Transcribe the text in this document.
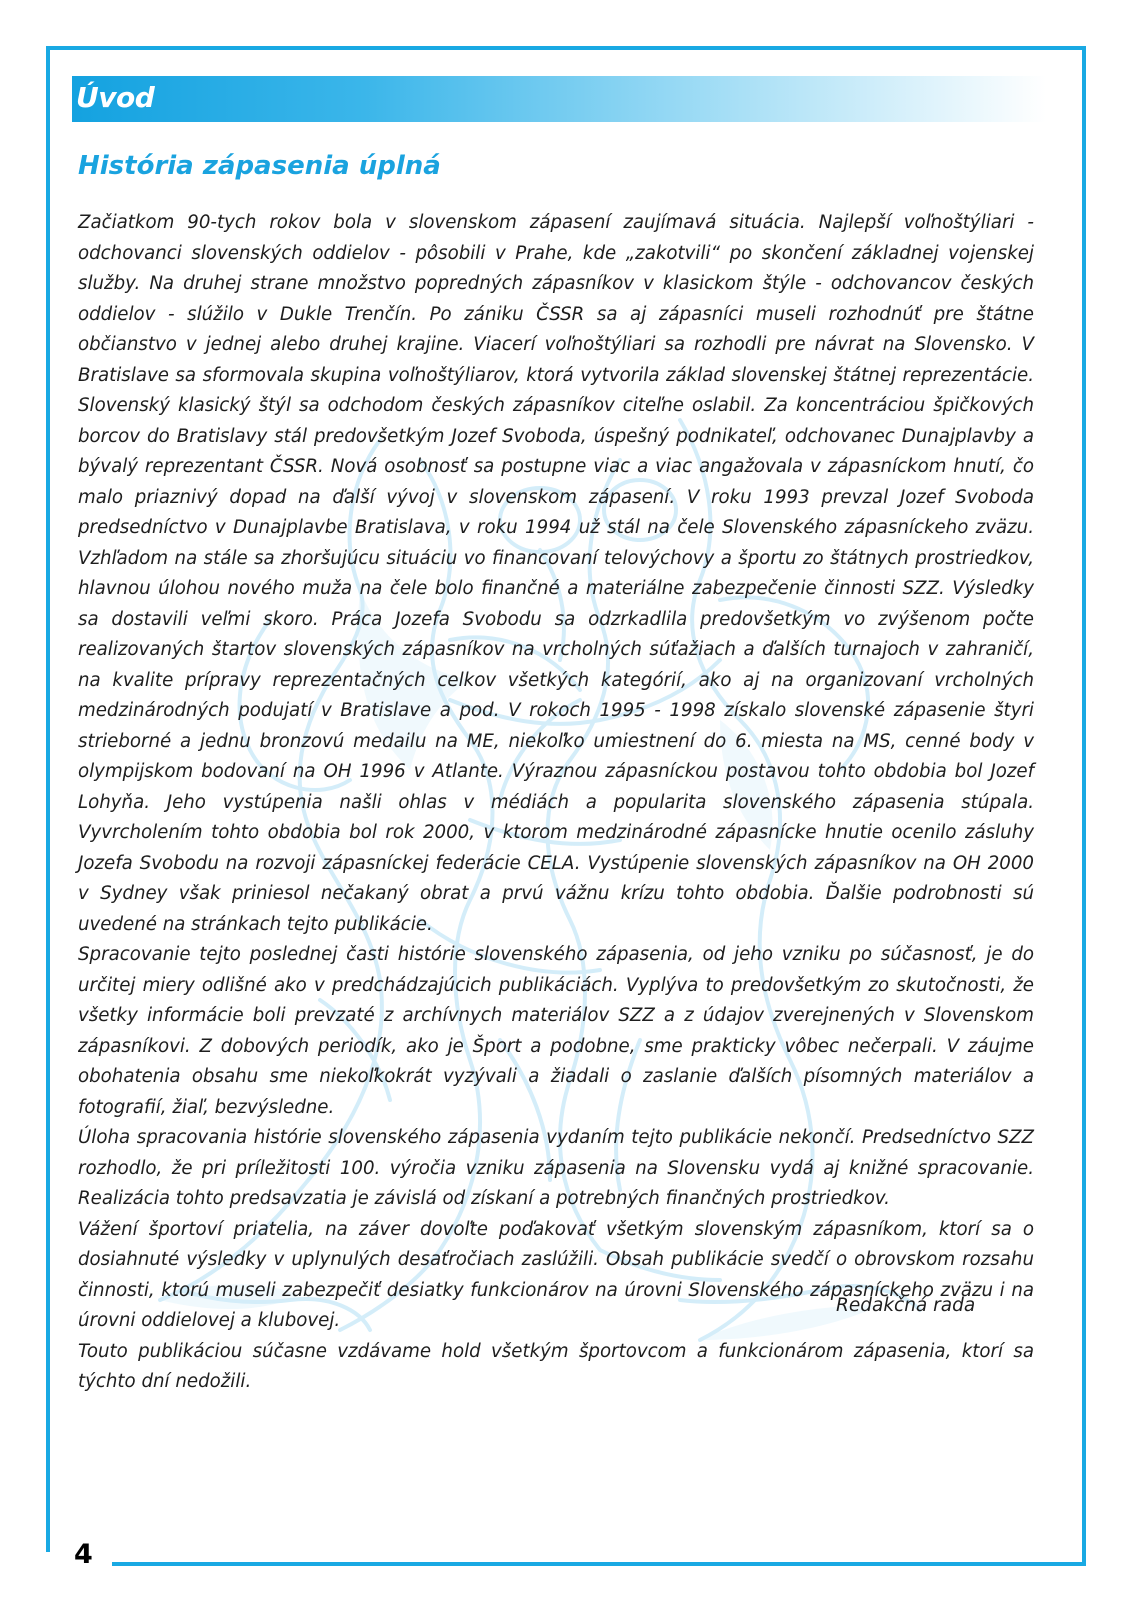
4
Úvod
História zápasenia úplná

Začiatkom 90-tych rokov bola v slovenskom zápasení zaujímavá situácia. Najlepší voľnoštýliari - odchovanci slovenských oddielov - pôsobili v Prahe, kde „zakotvili“ po skončení základnej vojenskej služby. Na druhej strane množstvo popredných zápasníkov v klasickom štýle - odchovancov českých oddielov - slúžilo v Dukle Trenčín. Po zániku ČSSR sa aj zápasníci museli rozhodnúť pre štátne občianstvo v jednej alebo druhej krajine. Viacerí voľnoštýliari sa rozhodli pre návrat na Slovensko. V Bratislave sa sformovala skupina voľnoštýliarov, ktorá vytvorila základ slovenskej štátnej reprezentácie. Slovenský klasický štýl sa odchodom českých zápasníkov citeľne oslabil. Za koncentráciou špičkových borcov do Bratislavy stál predovšetkým Jozef Svoboda, úspešný podnikateľ, odchovanec Dunajplavby a bývalý reprezentant ČSSR. Nová osobnosť sa postupne viac a viac angažovala v zápasníckom hnutí, čo malo priaznivý dopad na ďalší vývoj v slovenskom zápasení. V roku 1993 prevzal Jozef Svoboda predsedníctvo v Dunajplavbe Bratislava, v roku 1994 už stál na čele Slovenského zápasníckeho zväzu. Vzhľadom na stále sa zhoršujúcu situáciu vo financovaní telovýchovy a športu zo štátnych prostriedkov, hlavnou úlohou nového muža na čele bolo finančné a materiálne zabezpečenie činnosti SZZ. Výsledky sa dostavili veľmi skoro. Práca Jozefa Svobodu sa odzrkadlila predovšetkým vo zvýšenom počte realizovaných štartov slovenských zápasníkov na vrcholných súťažiach a ďalších turnajoch v zahraničí, na kvalite prípravy reprezentačných celkov všetkých kategórií, ako aj na organizovaní vrcholných medzinárodných podujatí v Bratislave a pod. V rokoch 1995 - 1998 získalo slovenské zápasenie štyri strieborné a jednu bronzovú medailu na ME, niekoľko umiestnení do 6. miesta na MS, cenné body v olympijskom bodovaní na OH 1996 v Atlante. Výraznou zápasníckou postavou tohto obdobia bol Jozef Lohyňa. Jeho vystúpenia našli ohlas v médiách a popularita slovenského zápasenia stúpala. Vyvrcholením tohto obdobia bol rok 2000, v ktorom medzinárodné zápasnícke hnutie ocenilo zásluhy Jozefa Svobodu na rozvoji zápasníckej federácie CELA. Vystúpenie slovenských zápasníkov na OH 2000 v Sydney však priniesol nečakaný obrat a prvú vážnu krízu tohto obdobia. Ďalšie podrobnosti sú uvedené na stránkach tejto publikácie.

Spracovanie tejto poslednej časti histórie slovenského zápasenia, od jeho vzniku po súčasnosť, je do určitej miery odlišné ako v predchádzajúcich publikáciách. Vyplýva to predovšetkým zo skutočnosti, že všetky informácie boli prevzaté z archívnych materiálov SZZ a z údajov zverejnených v Slovenskom zápasníkovi. Z dobových periodík, ako je Šport a podobne, sme prakticky vôbec nečerpali. V záujme obohatenia obsahu sme niekoľkokrát vyzývali a žiadali o zaslanie ďalších písomných materiálov a fotografií, žiaľ, bezvýsledne.

Úloha spracovania histórie slovenského zápasenia vydaním tejto publikácie nekončí. Predsedníctvo SZZ rozhodlo, že pri príležitosti 100. výročia vzniku zápasenia na Slovensku vydá aj knižné spracovanie. Realizácia tohto predsavzatia je závislá od získaní a potrebných finančných prostriedkov.

Vážení športoví priatelia, na záver dovoľte poďakovať všetkým slovenským zápasníkom, ktorí sa o dosiahnuté výsledky v uplynulých desaťročiach zaslúžili. Obsah publikácie svedčí o obrovskom rozsahu činnosti, ktorú museli zabezpečiť desiatky funkcionárov na úrovni Slovenského zápasníckeho zväzu i na úrovni oddielovej a klubovej.

Touto publikáciou súčasne vzdávame hold všetkým športovcom a funkcionárom zápasenia, ktorí sa týchto dní nedožili.

Redakčná rada
